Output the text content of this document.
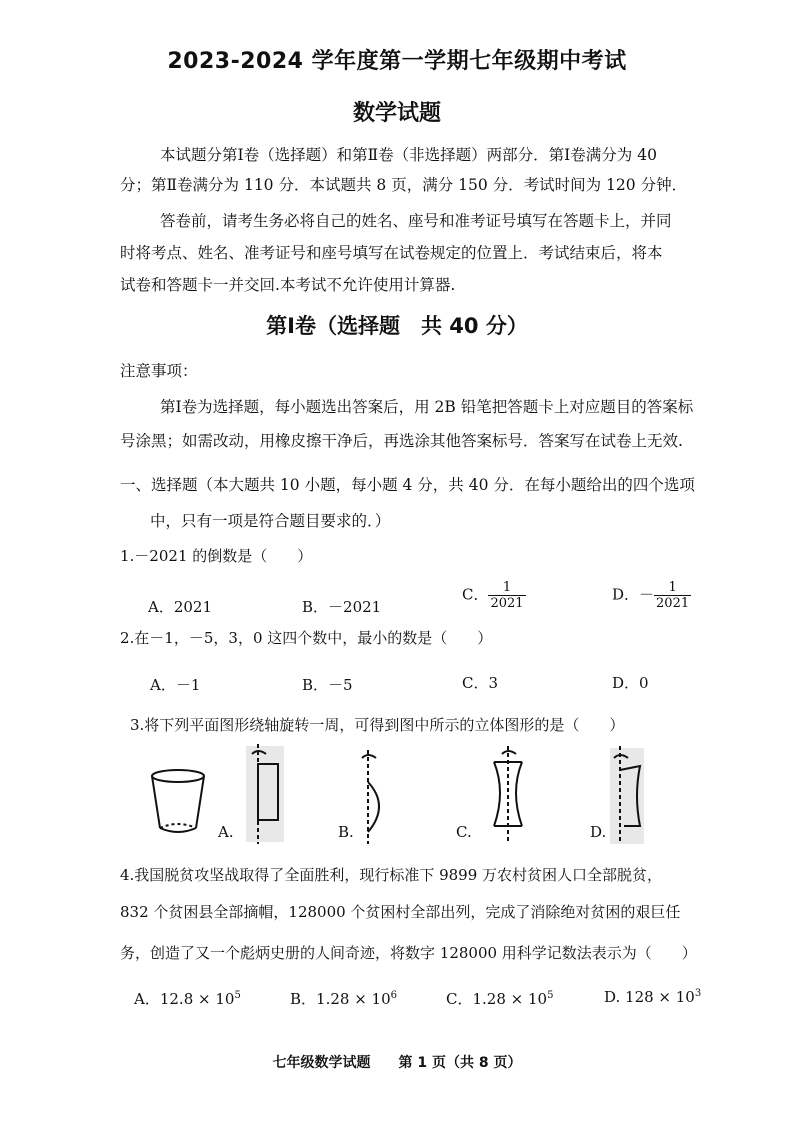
2023-2024 学年度第一学期七年级期中考试
数学试题
本试题分第Ⅰ卷（选择题）和第Ⅱ卷（非选择题）两部分．第Ⅰ卷满分为 40
分；第Ⅱ卷满分为 110 分．本试题共 8 页，满分 150 分．考试时间为 120 分钟．
答卷前，请考生务必将自己的姓名、座号和准考证号填写在答题卡上，并同
时将考点、姓名、准考证号和座号填写在试卷规定的位置上．考试结束后，将本
试卷和答题卡一并交回.本考试不允许使用计算器.
第Ⅰ卷（选择题　共 40 分）
注意事项：
第Ⅰ卷为选择题，每小题选出答案后，用 2B 铅笔把答题卡上对应题目的答案标
号涂黑；如需改动，用橡皮擦干净后，再选涂其他答案标号．答案写在试卷上无效.
一、选择题（本大题共 10 小题，每小题 4 分，共 40 分．在每小题给出的四个选项
中，只有一项是符合题目要求的．）
1.－2021 的倒数是（　　）
A．2021	B．－2021
C． $\frac{1}{2021}$	D．－ $\frac{1}{2021}$
2.在－1，－5，3，0 这四个数中，最小的数是（　　）
A．－1	B．－5	C．3	D．0
3.将下列平面图形绕轴旋转一周，可得到图中所示的立体图形的是（　　）
A.	B.	C.	D.
4.我国脱贫攻坚战取得了全面胜利，现行标准下 9899 万农村贫困人口全部脱贫，
832 个贫困县全部摘帽，128000 个贫困村全部出列，完成了消除绝对贫困的艰巨任
务，创造了又一个彪炳史册的人间奇迹，将数字 128000 用科学记数法表示为（　　）
A．$12.8 \times 10^5$	B．$1.28 \times 10^6$	C．$1.28 \times 10^5$	D. $128 \times 10^3$
七年级数学试题 第 1 页（共 8 页）
